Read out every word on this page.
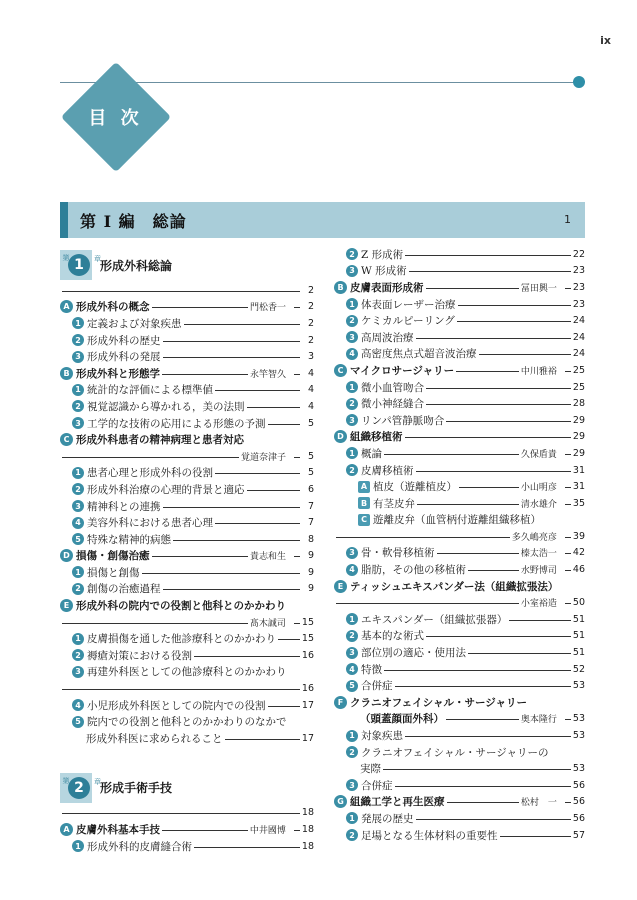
ix
目 次
第 I 編　総論	1
第 1	章 形成外科総論
2
A 形成外科の概念	門松香一	2
1 定義および対象疾患	2
2 形成外科の歴史	2
3 形成外科の発展	3
B 形成外科と形態学	永竿智久	4
1 統計的な評価による標準値	4
2 視覚認識から導かれる，美の法則	4
3 工学的な技術の応用による形態の予測	5
C 形成外科患者の精神病理と患者対応
覚道奈津子	5
1 患者心理と形成外科の役割	5
2 形成外科治療の心理的背景と適応	6
3 精神科との連携	7
4 美容外科における患者心理	7
5 特殊な精神的病態	8
D 損傷・創傷治癒	貴志和生	9
1 損傷と創傷	9
2 創傷の治癒過程	9
E 形成外科の院内での役割と他科とのかかわり
髙木誠司 15
1 皮膚損傷を通した他診療科とのかかわり	15
2 褥瘡対策における役割	16
3 再建外科医としての他診療科とのかかわり
16
4 小児形成外科医としての院内での役割	17
5 院内での役割と他科とのかかわりのなかで
形成外科医に求められること	17
第 2	章 形成手術手技
18
A 皮膚外科基本手技	中井國博 18
1 形成外科的皮膚縫合術	18
2 Z 形成術	22
3 W 形成術	23
B 皮膚表面形成術	冨田興一 23
1 体表面レーザー治療	23
2 ケミカルピーリング	24
3 高周波治療	24
4 高密度焦点式超音波治療	24
C マイクロサージャリー	中川雅裕 25
1 微小血管吻合	25
2 微小神経縫合	28
3 リンパ管静脈吻合	29
D 組織移植術	29
1 概論	久保盾貴 29
2 皮膚移植術	31
A 植皮（遊離植皮）	小山明彦 31
B 有茎皮弁	清水雄介 35
C 遊離皮弁（血管柄付遊離組織移植）
多久嶋亮彦 39
3 骨・軟骨移植術	榛太浩一 42
4 脂肪，その他の移植術	水野博司 46
E ティッシュエキスパンダー法（組織拡張法）
小室裕造 50
1 エキスパンダー（組織拡張器）	51
2 基本的な術式	51
3 部位別の適応・使用法	51
4 特徴	52
5 合併症	53
F クラニオフェイシャル・サージャリー
（頭蓋顔面外科）	奥本隆行 53
1 対象疾患	53
2 クラニオフェイシャル・サージャリーの
実際	53
3 合併症	56
G 組織工学と再生医療	松村　一 56
1 発展の歴史	56
2 足場となる生体材料の重要性	57
